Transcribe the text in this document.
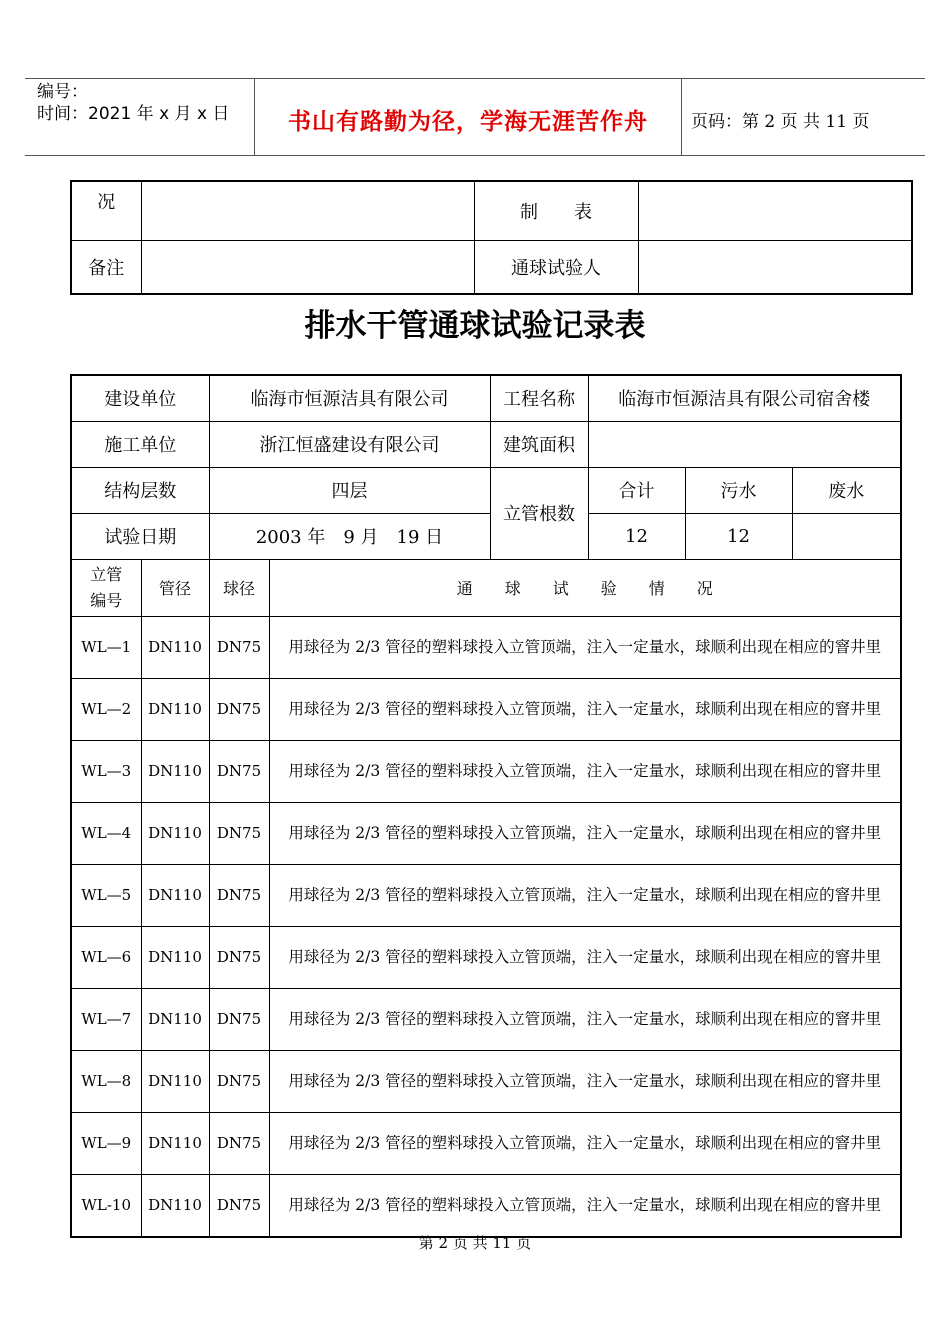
编号：
时间：2021 年 x 月 x 日	书山有路勤为径，学海无涯苦作舟	页码：第 2 页 共 11 页
况		制　　表	
备注		通球试验人	
排水干管通球试验记录表
建设单位		临海市恒源洁具有限公司		工程名称	临海市恒源洁具有限公司宿舍楼		
施工单位		浙江恒盛建设有限公司		建筑面积			
结构层数		四层		立管根数	合计	污水	废水
试验日期		2003 年　9 月　19 日			12	12	
立管
编号	管径	球径	通　　球　　试　　验　　情　　况				
WL—1	DN110	DN75	用球径为 2/3 管径的塑料球投入立管顶端，注入一定量水，球顺利出现在相应的窨井里				
WL—2	DN110	DN75	用球径为 2/3 管径的塑料球投入立管顶端，注入一定量水，球顺利出现在相应的窨井里				
WL—3	DN110	DN75	用球径为 2/3 管径的塑料球投入立管顶端，注入一定量水，球顺利出现在相应的窨井里				
WL—4	DN110	DN75	用球径为 2/3 管径的塑料球投入立管顶端，注入一定量水，球顺利出现在相应的窨井里				
WL—5	DN110	DN75	用球径为 2/3 管径的塑料球投入立管顶端，注入一定量水，球顺利出现在相应的窨井里				
WL—6	DN110	DN75	用球径为 2/3 管径的塑料球投入立管顶端，注入一定量水，球顺利出现在相应的窨井里				
WL—7	DN110	DN75	用球径为 2/3 管径的塑料球投入立管顶端，注入一定量水，球顺利出现在相应的窨井里				
WL—8	DN110	DN75	用球径为 2/3 管径的塑料球投入立管顶端，注入一定量水，球顺利出现在相应的窨井里				
WL—9	DN110	DN75	用球径为 2/3 管径的塑料球投入立管顶端，注入一定量水，球顺利出现在相应的窨井里				
WL-10	DN110	DN75	用球径为 2/3 管径的塑料球投入立管顶端，注入一定量水，球顺利出现在相应的窨井里				
第 2 页 共 11 页
